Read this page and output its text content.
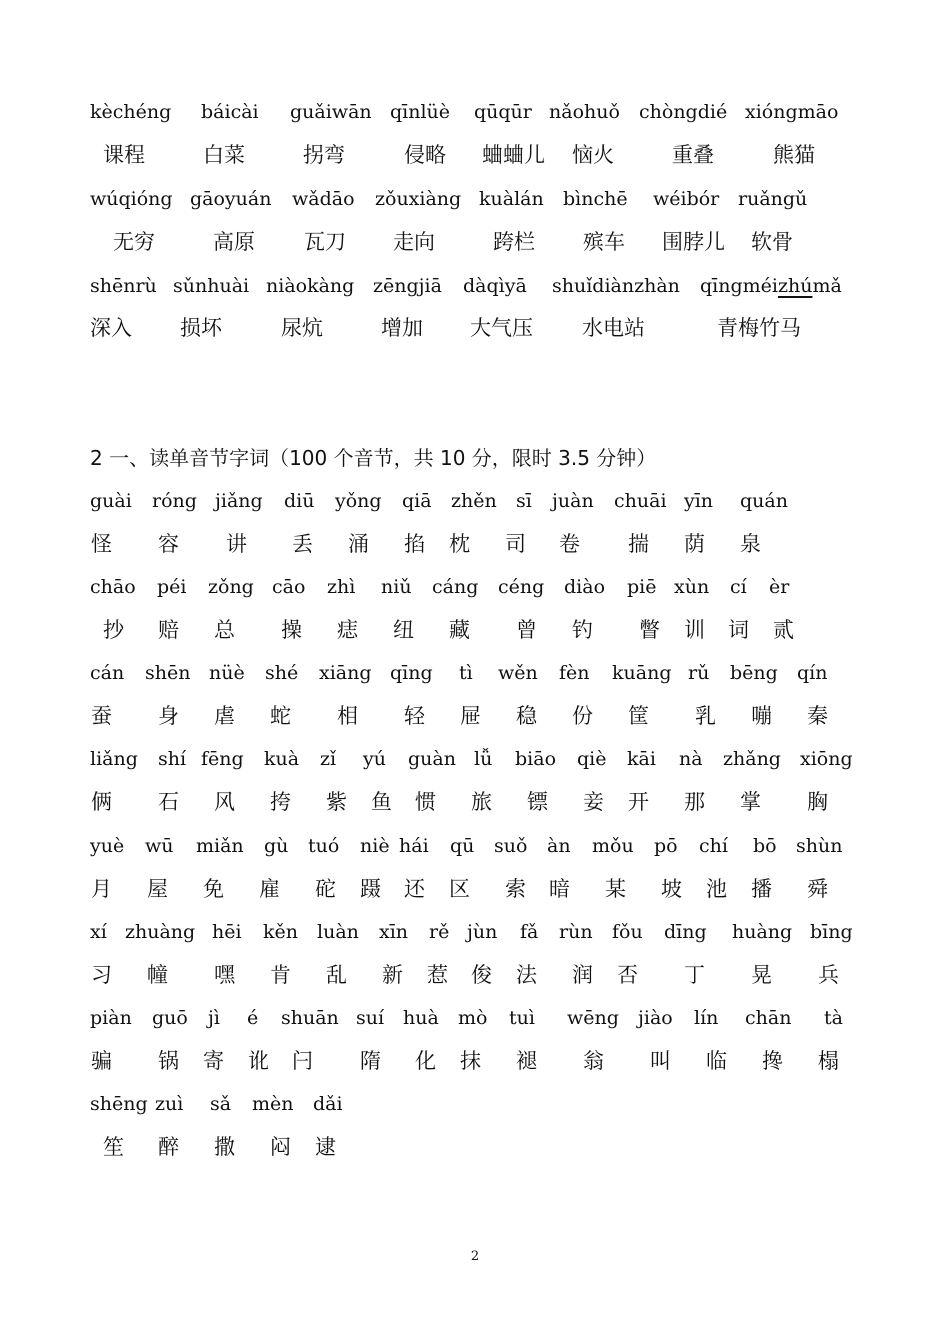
kèchéng báicài guǎiwān qīnlüè qūqūr nǎohuǒ chòngdié xióngmāo
课程	白菜	拐弯	侵略 蛐蛐儿 恼火	重叠	熊猫
wúqióng gāoyuán wǎdāo zǒuxiàng kuàlán bìnchē wéibór ruǎngǔ
无穷	高原 瓦刀 走向	跨栏 殡车 围脖儿 软骨
shēnrù sǔnhuài niàokàng zēngjiā dàqìyā shuǐdiànzhàn qīngméizhúmǎ
深入 损坏	尿炕	增加 大气压 水电站	青梅竹马
2 一、读单音节字词（100 个音节，共 10 分，限时 3.5 分钟）
guài róng jiǎng diū yǒng qiā zhěn sī juàn chuāi yīn quán
怪 容 讲 丢 涌 掐 枕 司 卷 揣 荫 泉
chāo péi zǒng cāo zhì niǔ cáng céng diào piē xùn cí èr
抄 赔 总 操 痣 纽 藏 曾 钓 瞥 训 词 贰
cán shēn nüè shé xiāng qīng tì wěn fèn kuāng rǔ bēng qín
蚕 身 虐 蛇 相 轻 屉 稳 份 筐 乳 嘣 秦
liǎng shí fēng kuà zǐ yú guàn lǚ biāo qiè kāi nà zhǎng xiōng
俩 石 风 挎 紫 鱼 惯 旅 镖 妾 开 那 掌 胸
yuè wū miǎn gù tuó niè hái qū suǒ àn mǒu pō chí bō shùn
月 屋 免 雇 砣 蹑 还 区 索 暗 某 坡 池 播 舜
xí zhuàng hēi kěn luàn xīn rě jùn fǎ rùn fǒu dīng huàng bīng
习 幢 嘿 肯 乱 新 惹 俊 法 润 否 丁 晃 兵
piàn guō jì é shuān suí huà mò tuì wēng jiào lín chān tà
骗 锅 寄 讹 闩 隋 化 抹 褪 翁 叫 临 搀 榻
shēng zuì sǎ mèn dǎi
笙 醉 撒 闷 逮
2
